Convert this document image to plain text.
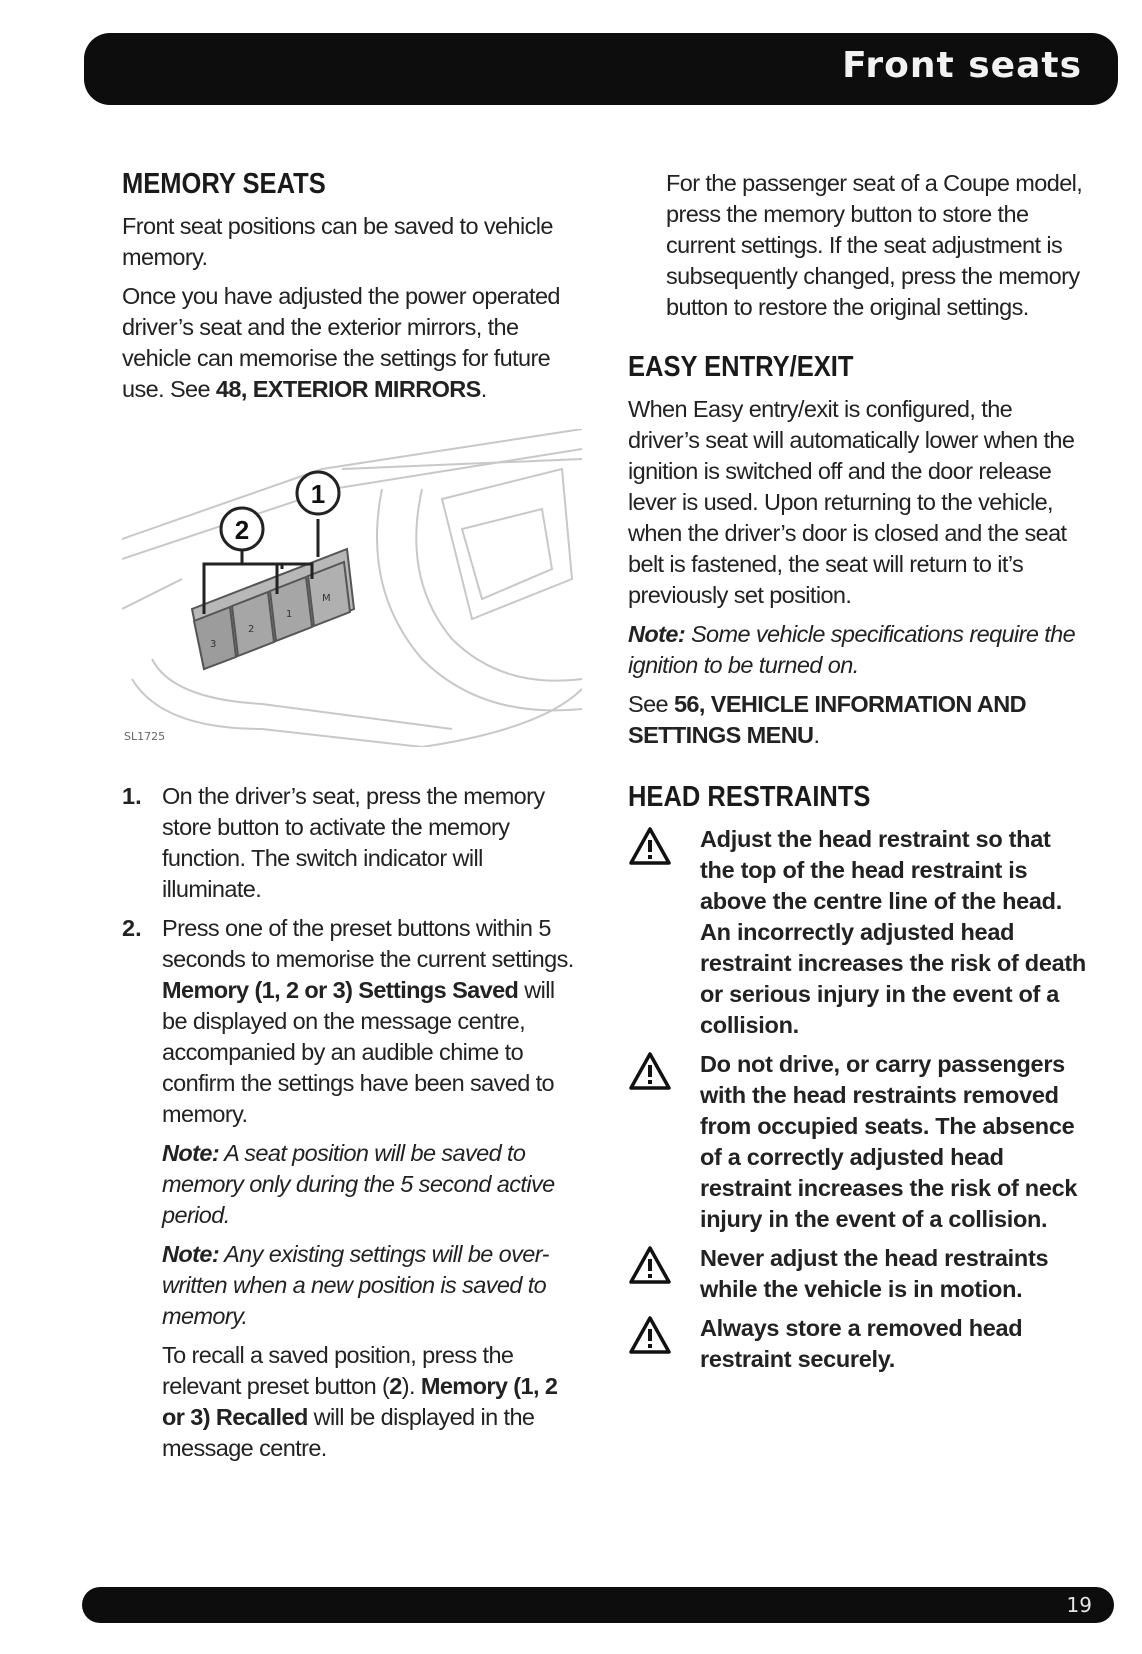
Front seats
MEMORY SEATS

Front seat positions can be saved to vehicle memory.

Once you have adjusted the power operated driver’s seat and the exterior mirrors, the vehicle can memorise the settings for future use. See 48, EXTERIOR MIRRORS.

3
2
1
M
2
1
SL1725
1. On the driver’s seat, press the memory store button to activate the memory function. The switch indicator will illuminate.

2. Press one of the preset buttons within 5 seconds to memorise the current settings. Memory (1, 2 or 3) Settings Saved will be displayed on the message centre, accompanied by an audible chime to confirm the settings have been saved to memory.

Note: A seat position will be saved to memory only during the 5 second active period.

Note: Any existing settings will be over-written when a new position is saved to memory.

To recall a saved position, press the relevant preset button (2). Memory (1, 2 or 3) Recalled will be displayed in the message centre.

For the passenger seat of a Coupe model, press the memory button to store the current settings. If the seat adjustment is subsequently changed, press the memory button to restore the original settings.

EASY ENTRY/EXIT

When Easy entry/exit is configured, the driver’s seat will automatically lower when the ignition is switched off and the door release lever is used. Upon returning to the vehicle, when the driver’s door is closed and the seat belt is fastened, the seat will return to it’s previously set position.

Note: Some vehicle specifications require the ignition to be turned on.

See 56, VEHICLE INFORMATION AND SETTINGS MENU.

HEAD RESTRAINTS

Adjust the head restraint so that the top of the head restraint is above the centre line of the head. An incorrectly adjusted head restraint increases the risk of death or serious injury in the event of a collision.

Do not drive, or carry passengers with the head restraints removed from occupied seats. The absence of a correctly adjusted head restraint increases the risk of neck injury in the event of a collision.

Never adjust the head restraints while the vehicle is in motion.

Always store a removed head restraint securely.

19
